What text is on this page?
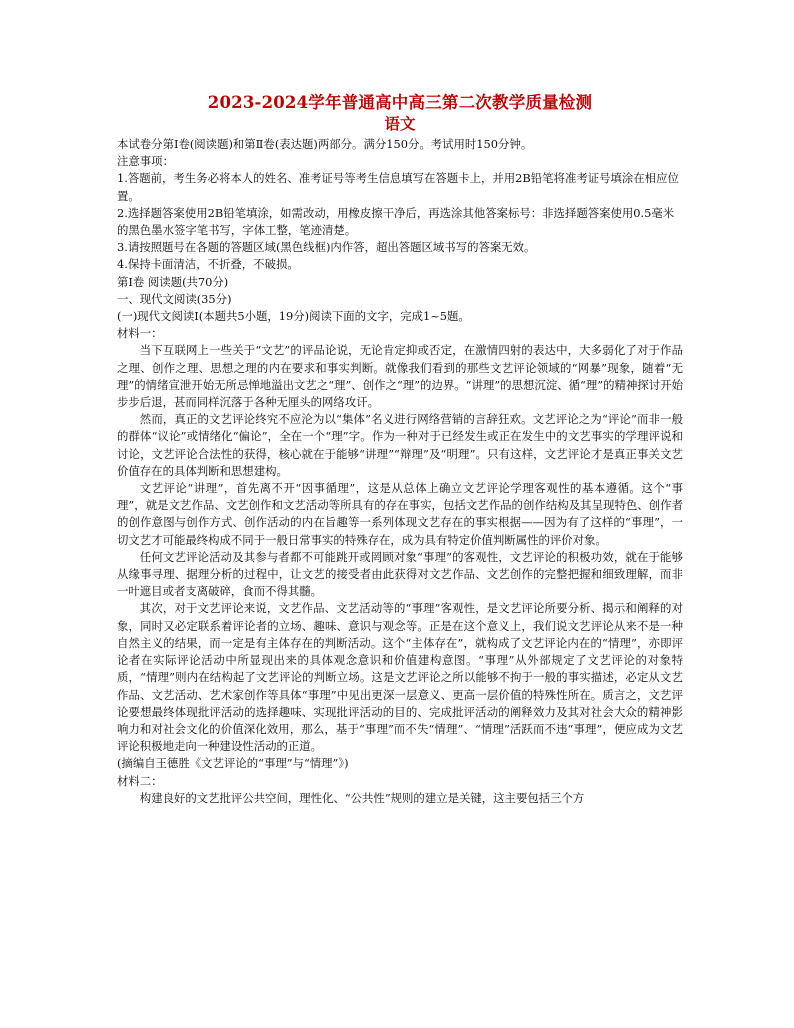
2023-2024学年普通高中高三第二次教学质量检测
语文

本试卷分第Ⅰ卷(阅读题)和第Ⅱ卷(表达题)两部分。满分150分。考试用时150分钟。

注意事项：

1.答题前，考生务必将本人的姓名、准考证号等考生信息填写在答题卡上，并用2B铅笔将准考证号填涂在相应位置。

2.选择题答案使用2B铅笔填涂，如需改动，用橡皮擦干净后，再选涂其他答案标号：非选择题答案使用0.5毫米的黑色墨水签字笔书写，字体工整，笔迹清楚。

3.请按照题号在各题的答题区域(黑色线框)内作答，超出答题区域书写的答案无效。

4.保持卡面清洁，不折叠，不破损。

第Ⅰ卷 阅读题(共70分)

一、现代文阅读(35分)

(一)现代文阅读Ⅰ(本题共5小题，19分)阅读下面的文字，完成1~5题。

材料一：

当下互联网上一些关于“文艺”的评品论说，无论肯定抑或否定，在激情四射的表达中，大多弱化了对于作品之理、创作之理、思想之理的内在要求和事实判断。就像我们看到的那些文艺评论领域的“网暴”现象，随着“无理”的情绪宣泄开始无所忌惮地溢出文艺之“理”、创作之“理”的边界。“讲理”的思想沉淀、循“理”的精神探讨开始步步后退，甚而同样沉落于各种无厘头的网络攻讦。

然而，真正的文艺评论终究不应沦为以“集体”名义进行网络营销的言辞狂欢。文艺评论之为“评论”而非一般的群体“议论”或情绪化“偏论”，全在一个“理”字。作为一种对于已经发生或正在发生中的文艺事实的学理评说和讨论，文艺评论合法性的获得，核心就在于能够“讲理”“辩理”及“明理”。只有这样，文艺评论才是真正事关文艺价值存在的具体判断和思想建构。

文艺评论“讲理”，首先离不开“因事循理”，这是从总体上确立文艺评论学理客观性的基本遵循。这个“事理”，就是文艺作品、文艺创作和文艺活动等所具有的存在事实，包括文艺作品的创作结构及其呈现特色、创作者的创作意图与创作方式、创作活动的内在旨趣等一系列体现文艺存在的事实根据——因为有了这样的“事理”，一切文艺才可能最终构成不同于一般日常事实的特殊存在，成为具有特定价值判断属性的评价对象。

任何文艺评论活动及其参与者都不可能跳开或罔顾对象“事理”的客观性，文艺评论的积极功效，就在于能够从缘事寻理、据理分析的过程中，让文艺的接受者由此获得对文艺作品、文艺创作的完整把握和细致理解，而非一叶遮目或者支离破碎，食而不得其髓。

其次，对于文艺评论来说，文艺作品、文艺活动等的“事理”客观性，是文艺评论所要分析、揭示和阐释的对象，同时又必定联系着评论者的立场、趣味、意识与观念等。正是在这个意义上，我们说文艺评论从来不是一种自然主义的结果，而一定是有主体存在的判断活动。这个“主体存在”，就构成了文艺评论内在的“情理”，亦即评论者在实际评论活动中所显现出来的具体观念意识和价值建构意图。“事理”从外部规定了文艺评论的对象特质，“情理”则内在结构起了文艺评论的判断立场。这是文艺评论之所以能够不拘于一般的事实描述，必定从文艺作品、文艺活动、艺术家创作等具体“事理”中见出更深一层意义、更高一层价值的特殊性所在。质言之，文艺评论要想最终体现批评活动的选择趣味、实现批评活动的目的、完成批评活动的阐释效力及其对社会大众的精神影响力和对社会文化的价值深化效用，那么，基于“事理”而不失“情理”、“情理”活跃而不违“事理”，便应成为文艺评论积极地走向一种建设性活动的正道。

(摘编自王德胜《文艺评论的“事理”与“情理”》)

材料二：

构建良好的文艺批评公共空间，理性化、“公共性”规则的建立是关键，这主要包括三个方
